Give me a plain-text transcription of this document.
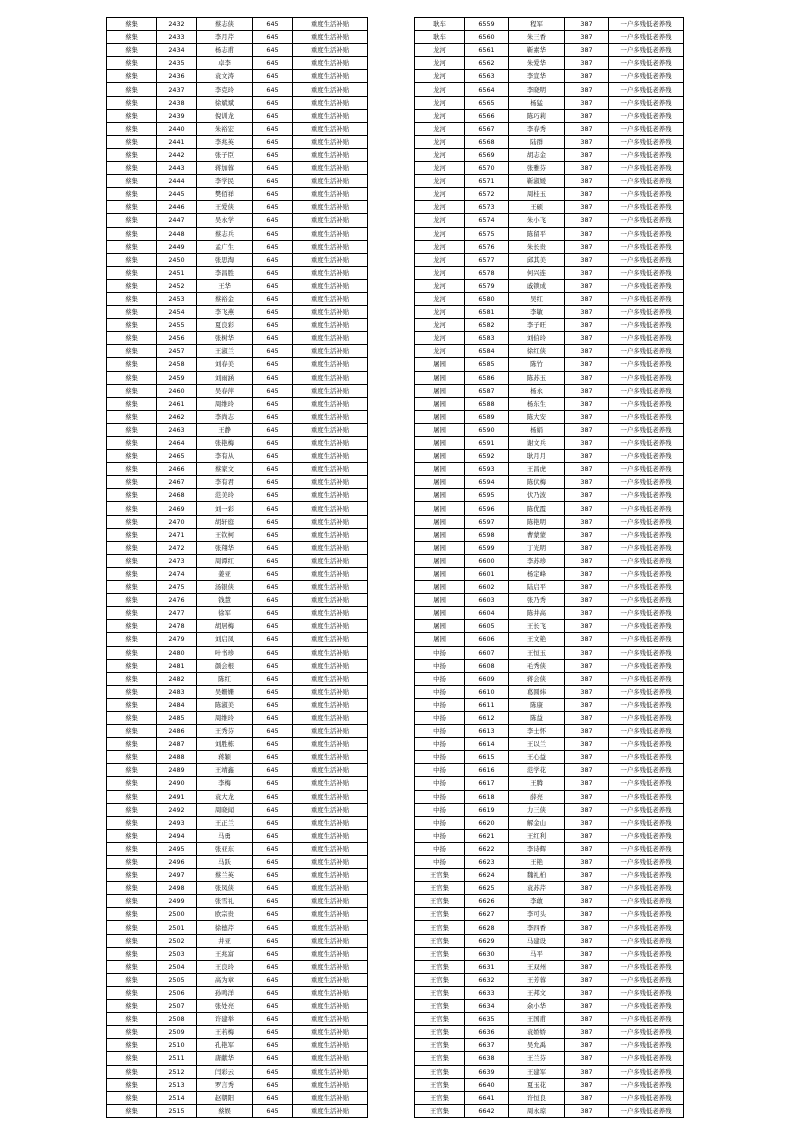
蔡集	2432	蔡志侠	645	重度生活补贴
蔡集	2433	李月芹	645	重度生活补贴
蔡集	2434	杨志甫	645	重度生活补贴
蔡集	2435	卓李	645	重度生活补贴
蔡集	2436	袁文涛	645	重度生活补贴
蔡集	2437	李克玲	645	重度生活补贴
蔡集	2438	徐斌斌	645	重度生活补贴
蔡集	2439	倪训龙	645	重度生活补贴
蔡集	2440	朱裕宏	645	重度生活补贴
蔡集	2441	李兆英	645	重度生活补贴
蔡集	2442	张子臣	645	重度生活补贴
蔡集	2443	蒋加蓉	645	重度生活补贴
蔡集	2444	李学民	645	重度生活补贴
蔡集	2445	樊佰祥	645	重度生活补贴
蔡集	2446	王爱侠	645	重度生活补贴
蔡集	2447	吴永学	645	重度生活补贴
蔡集	2448	蔡志兵	645	重度生活补贴
蔡集	2449	孟广生	645	重度生活补贴
蔡集	2450	张思淘	645	重度生活补贴
蔡集	2451	李昌胜	645	重度生活补贴
蔡集	2452	王华	645	重度生活补贴
蔡集	2453	蔡裕金	645	重度生活补贴
蔡集	2454	李飞燕	645	重度生活补贴
蔡集	2455	夏良彩	645	重度生活补贴
蔡集	2456	张树华	645	重度生活补贴
蔡集	2457	王淑兰	645	重度生活补贴
蔡集	2458	刘春美	645	重度生活补贴
蔡集	2459	刘雨涵	645	重度生活补贴
蔡集	2460	吴春萍	645	重度生活补贴
蔡集	2461	周维玲	645	重度生活补贴
蔡集	2462	李尚志	645	重度生活补贴
蔡集	2463	王静	645	重度生活补贴
蔡集	2464	张艳梅	645	重度生活补贴
蔡集	2465	李有从	645	重度生活补贴
蔡集	2466	蔡家文	645	重度生活补贴
蔡集	2467	李有君	645	重度生活补贴
蔡集	2468	范美玲	645	重度生活补贴
蔡集	2469	刘一彩	645	重度生活补贴
蔡集	2470	胡轩庭	645	重度生活补贴
蔡集	2471	王钦柯	645	重度生活补贴
蔡集	2472	张翔华	645	重度生活补贴
蔡集	2473	周谭红	645	重度生活补贴
蔡集	2474	姜亚	645	重度生活补贴
蔡集	2475	汤银侠	645	重度生活补贴
蔡集	2476	钱慧	645	重度生活补贴
蔡集	2477	徐军	645	重度生活补贴
蔡集	2478	胡居梅	645	重度生活补贴
蔡集	2479	刘启凤	645	重度生活补贴
蔡集	2480	叶书珍	645	重度生活补贴
蔡集	2481	颜会根	645	重度生活补贴
蔡集	2482	陈红	645	重度生活补贴
蔡集	2483	吴姗姗	645	重度生活补贴
蔡集	2484	陈淑美	645	重度生活补贴
蔡集	2485	周维玲	645	重度生活补贴
蔡集	2486	王秀芬	645	重度生活补贴
蔡集	2487	刘胜栋	645	重度生活补贴
蔡集	2488	蒋颖	645	重度生活补贴
蔡集	2489	王靖鑫	645	重度生活补贴
蔡集	2490	李梅	645	重度生活补贴
蔡集	2491	袁大龙	645	重度生活补贴
蔡集	2492	周晓闻	645	重度生活补贴
蔡集	2493	王正兰	645	重度生活补贴
蔡集	2494	马勇	645	重度生活补贴
蔡集	2495	张亚东	645	重度生活补贴
蔡集	2496	马跃	645	重度生活补贴
蔡集	2497	蔡兰英	645	重度生活补贴
蔡集	2498	张凤侠	645	重度生活补贴
蔡集	2499	张雪礼	645	重度生活补贴
蔡集	2500	欧宗贵	645	重度生活补贴
蔡集	2501	徐德芹	645	重度生活补贴
蔡集	2502	井亚	645	重度生活补贴
蔡集	2503	王兆富	645	重度生活补贴
蔡集	2504	王良玲	645	重度生活补贴
蔡集	2505	高为章	645	重度生活补贴
蔡集	2506	孙鸣洋	645	重度生活补贴
蔡集	2507	张处亮	645	重度生活补贴
蔡集	2508	许建举	645	重度生活补贴
蔡集	2509	王若梅	645	重度生活补贴
蔡集	2510	孔艳军	645	重度生活补贴
蔡集	2511	唐献华	645	重度生活补贴
蔡集	2512	闫彩云	645	重度生活补贴
蔡集	2513	罗言秀	645	重度生活补贴
蔡集	2514	赵朝阳	645	重度生活补贴
蔡集	2515	蔡娱	645	重度生活补贴
耿车	6559	程军	387	一户多残低老养残
耿车	6560	朱三香	387	一户多残低老养残
龙河	6561	靳素华	387	一户多残低老养残
龙河	6562	朱爱华	387	一户多残低老养残
龙河	6563	李宣华	387	一户多残低老养残
龙河	6564	李晓明	387	一户多残低老养残
龙河	6565	杨猛	387	一户多残低老养残
龙河	6566	陈巧莉	387	一户多残低老养残
龙河	6567	李春秀	387	一户多残低老养残
龙河	6568	陆群	387	一户多残低老养残
龙河	6569	胡志金	387	一户多残低老养残
龙河	6570	张雅芬	387	一户多残低老养残
龙河	6571	靳淑媛	387	一户多残低老养残
龙河	6572	周桂玉	387	一户多残低老养残
龙河	6573	王硕	387	一户多残低老养残
龙河	6574	朱小飞	387	一户多残低老养残
龙河	6575	陈留平	387	一户多残低老养残
龙河	6576	朱长贵	387	一户多残低老养残
龙河	6577	邱其美	387	一户多残低老养残
龙河	6578	何兴连	387	一户多残低老养残
龙河	6579	戚锁成	387	一户多残低老养残
龙河	6580	吴红	387	一户多残低老养残
龙河	6581	李敏	387	一户多残低老养残
龙河	6582	李子旺	387	一户多残低老养残
龙河	6583	刘伯玲	387	一户多残低老养残
龙河	6584	徐红侠	387	一户多残低老养残
屠园	6585	陈竹	387	一户多残低老养残
屠园	6586	陈苏玉	387	一户多残低老养残
屠园	6587	杨永	387	一户多残低老养残
屠园	6588	杨东生	387	一户多残低老养残
屠园	6589	陈大安	387	一户多残低老养残
屠园	6590	杨娟	387	一户多残低老养残
屠园	6591	谢文兵	387	一户多残低老养残
屠园	6592	耿月月	387	一户多残低老养残
屠园	6593	王昌虎	387	一户多残低老养残
屠园	6594	陈伏梅	387	一户多残低老养残
屠园	6595	伏乃波	387	一户多残低老养残
屠园	6596	陈优霞	387	一户多残低老养残
屠园	6597	陈艳明	387	一户多残低老养残
屠园	6598	曹蒙蒙	387	一户多残低老养残
屠园	6599	丁光明	387	一户多残低老养残
屠园	6600	李苏珍	387	一户多残低老养残
屠园	6601	杨定峰	387	一户多残低老养残
屠园	6602	陆启平	387	一户多残低老养残
屠园	6603	张乃秀	387	一户多残低老养残
屠园	6604	陈井高	387	一户多残低老养残
屠园	6605	王长飞	387	一户多残低老养残
屠园	6606	王文艳	387	一户多残低老养残
中扬	6607	王恒玉	387	一户多残低老养残
中扬	6608	毛秀侠	387	一户多残低老养残
中扬	6609	蒋会侠	387	一户多残低老养残
中扬	6610	葛圆炜	387	一户多残低老养残
中扬	6611	陈康	387	一户多残低老养残
中扬	6612	陈益	387	一户多残低老养残
中扬	6613	李士怀	387	一户多残低老养残
中扬	6614	王以兰	387	一户多残低老养残
中扬	6615	王心益	387	一户多残低老养残
中扬	6616	范学花	387	一户多残低老养残
中扬	6617	王腾	387	一户多残低老养残
中扬	6618	薛亮	387	一户多残低老养残
中扬	6619	力三侠	387	一户多残低老养残
中扬	6620	解金山	387	一户多残低老养残
中扬	6621	王红利	387	一户多残低老养残
中扬	6622	李诗辉	387	一户多残低老养残
中扬	6623	王艳	387	一户多残低老养残
王官集	6624	魏礼柏	387	一户多残低老养残
王官集	6625	袁苏芹	387	一户多残低老养残
王官集	6626	李敢	387	一户多残低老养残
王官集	6627	李可头	387	一户多残低老养残
王官集	6628	李四香	387	一户多残低老养残
王官集	6629	马建设	387	一户多残低老养残
王官集	6630	马平	387	一户多残低老养残
王官集	6631	王双州	387	一户多残低老养残
王官集	6632	王芳蓉	387	一户多残低老养残
王官集	6633	王邦文	387	一户多残低老养残
王官集	6634	余小华	387	一户多残低老养残
王官集	6635	王国甫	387	一户多残低老养残
王官集	6636	袁娇娇	387	一户多残低老养残
王官集	6637	吴允禹	387	一户多残低老养残
王官集	6638	王兰芬	387	一户多残低老养残
王官集	6639	王建军	387	一户多残低老养残
王官集	6640	夏玉花	387	一户多残低老养残
王官集	6641	许恒良	387	一户多残低老养残
王官集	6642	周永琼	387	一户多残低老养残
